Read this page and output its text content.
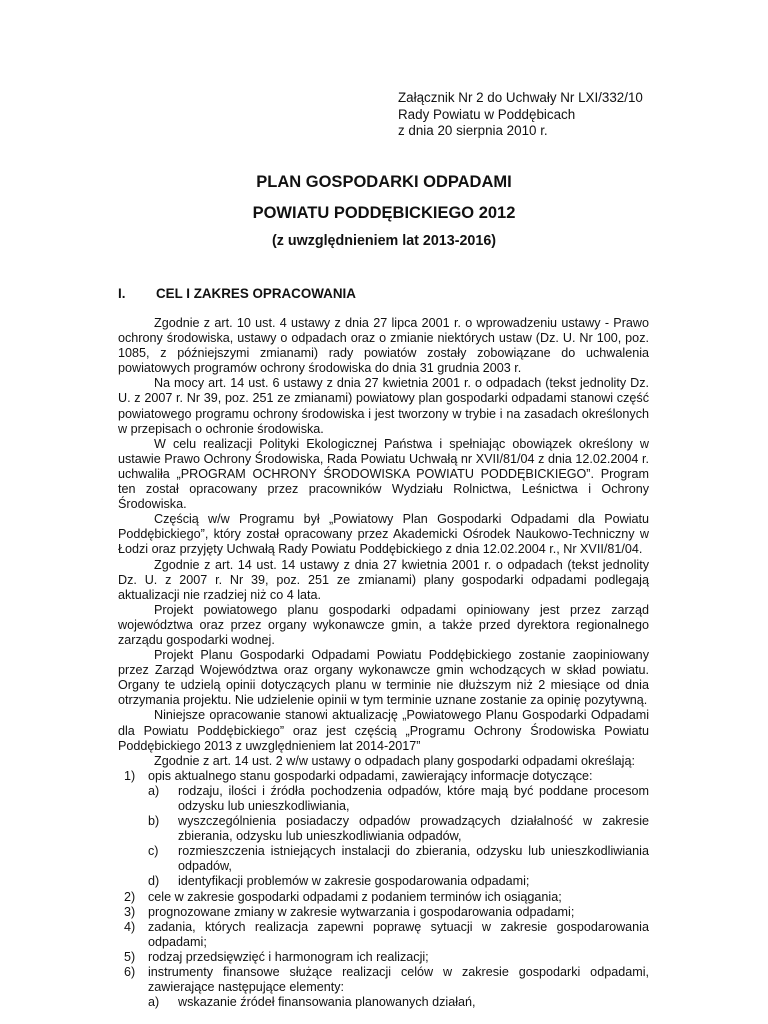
Załącznik Nr 2 do Uchwały Nr LXI/332/10
Rady Powiatu w Poddębicach
z dnia 20 sierpnia 2010 r.
PLAN GOSPODARKI ODPADAMI
POWIATU PODDĘBICKIEGO 2012
(z uwzględnieniem lat 2013-2016)
I. CEL I ZAKRES OPRACOWANIA

Zgodnie z art. 10 ust. 4 ustawy z dnia 27 lipca 2001 r. o wprowadzeniu ustawy - Prawo ochrony środowiska, ustawy o odpadach oraz o zmianie niektórych ustaw (Dz. U. Nr 100, poz. 1085, z późniejszymi zmianami) rady powiatów zostały zobowiązane do uchwalenia powiatowych programów ochrony środowiska do dnia 31 grudnia 2003 r.

Na mocy art. 14 ust. 6 ustawy z dnia 27 kwietnia 2001 r. o odpadach (tekst jednolity Dz. U. z 2007 r. Nr 39, poz. 251 ze zmianami) powiatowy plan gospodarki odpadami stanowi część powiatowego programu ochrony środowiska i jest tworzony w trybie i na zasadach określonych w przepisach o ochronie środowiska.

W celu realizacji Polityki Ekologicznej Państwa i spełniając obowiązek określony w ustawie Prawo Ochrony Środowiska, Rada Powiatu Uchwałą nr XVII/81/04 z dnia 12.02.2004 r. uchwaliła „PROGRAM OCHRONY ŚRODOWISKA POWIATU PODDĘBICKIEGO”. Program ten został opracowany przez pracowników Wydziału Rolnictwa, Leśnictwa i Ochrony Środowiska.

Częścią w/w Programu był „Powiatowy Plan Gospodarki Odpadami dla Powiatu Poddębickiego”, który został opracowany przez Akademicki Ośrodek Naukowo-Techniczny w Łodzi oraz przyjęty Uchwałą Rady Powiatu Poddębickiego z dnia 12.02.2004 r., Nr XVII/81/04.

Zgodnie z art. 14 ust. 14 ustawy z dnia 27 kwietnia 2001 r. o odpadach (tekst jednolity Dz. U. z 2007 r. Nr 39, poz. 251 ze zmianami) plany gospodarki odpadami podlegają aktualizacji nie rzadziej niż co 4 lata.

Projekt powiatowego planu gospodarki odpadami opiniowany jest przez zarząd województwa oraz przez organy wykonawcze gmin, a także przed dyrektora regionalnego zarządu gospodarki wodnej.

Projekt Planu Gospodarki Odpadami Powiatu Poddębickiego zostanie zaopiniowany przez Zarząd Województwa oraz organy wykonawcze gmin wchodzących w skład powiatu. Organy te udzielą opinii dotyczących planu w terminie nie dłuższym niż 2 miesiące od dnia otrzymania projektu. Nie udzielenie opinii w tym terminie uznane zostanie za opinię pozytywną.

Niniejsze opracowanie stanowi aktualizację „Powiatowego Planu Gospodarki Odpadami dla Powiatu Poddębickiego” oraz jest częścią „Programu Ochrony Środowiska Powiatu Poddębickiego 2013 z uwzględnieniem lat 2014-2017”

Zgodnie z art. 14 ust. 2 w/w ustawy o odpadach plany gospodarki odpadami określają:

1) opis aktualnego stanu gospodarki odpadami, zawierający informacje dotyczące:
a) rodzaju, ilości i źródła pochodzenia odpadów, które mają być poddane procesom odzysku lub unieszkodliwiania,
b) wyszczególnienia posiadaczy odpadów prowadzących działalność w zakresie zbierania, odzysku lub unieszkodliwiania odpadów,
c) rozmieszczenia istniejących instalacji do zbierania, odzysku lub unieszkodliwiania odpadów,
d) identyfikacji problemów w zakresie gospodarowania odpadami;
2) cele w zakresie gospodarki odpadami z podaniem terminów ich osiągania;
3) prognozowane zmiany w zakresie wytwarzania i gospodarowania odpadami;
4) zadania, których realizacja zapewni poprawę sytuacji w zakresie gospodarowania odpadami;
5) rodzaj przedsięwzięć i harmonogram ich realizacji;
6) instrumenty finansowe służące realizacji celów w zakresie gospodarki odpadami, zawierające następujące elementy:
a) wskazanie źródeł finansowania planowanych działań,
